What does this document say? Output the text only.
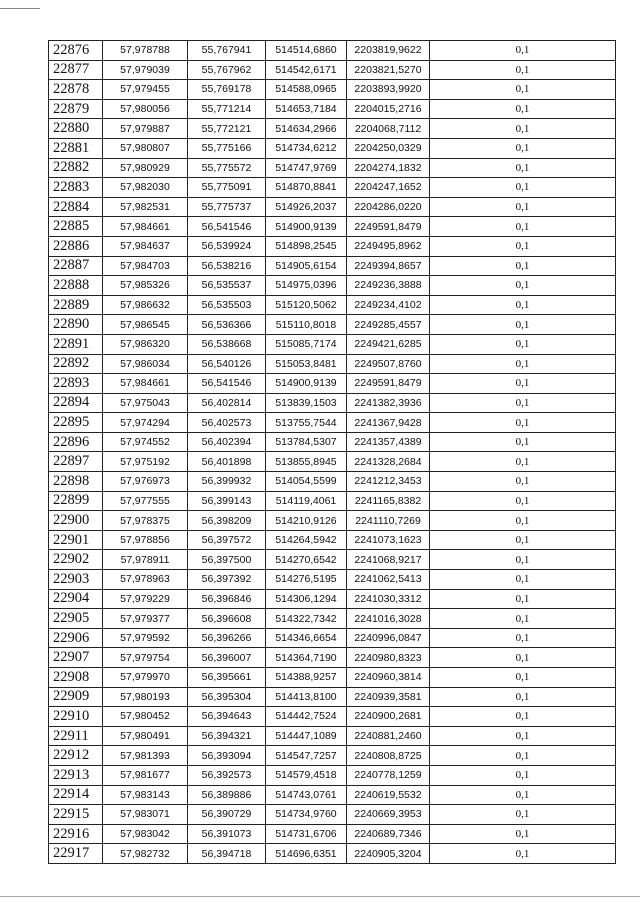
22876	57,978788	55,767941	514514,6860	2203819,9622	0,1
22877	57,979039	55,767962	514542,6171	2203821,5270	0,1
22878	57,979455	55,769178	514588,0965	2203893,9920	0,1
22879	57,980056	55,771214	514653,7184	2204015,2716	0,1
22880	57,979887	55,772121	514634,2966	2204068,7112	0,1
22881	57,980807	55,775166	514734,6212	2204250,0329	0,1
22882	57,980929	55,775572	514747,9769	2204274,1832	0,1
22883	57,982030	55,775091	514870,8841	2204247,1652	0,1
22884	57,982531	55,775737	514926,2037	2204286,0220	0,1
22885	57,984661	56,541546	514900,9139	2249591,8479	0,1
22886	57,984637	56,539924	514898,2545	2249495,8962	0,1
22887	57,984703	56,538216	514905,6154	2249394,8657	0,1
22888	57,985326	56,535537	514975,0396	2249236,3888	0,1
22889	57,986632	56,535503	515120,5062	2249234,4102	0,1
22890	57,986545	56,536366	515110,8018	2249285,4557	0,1
22891	57,986320	56,538668	515085,7174	2249421,6285	0,1
22892	57,986034	56,540126	515053,8481	2249507,8760	0,1
22893	57,984661	56,541546	514900,9139	2249591,8479	0,1
22894	57,975043	56,402814	513839,1503	2241382,3936	0,1
22895	57,974294	56,402573	513755,7544	2241367,9428	0,1
22896	57,974552	56,402394	513784,5307	2241357,4389	0,1
22897	57,975192	56,401898	513855,8945	2241328,2684	0,1
22898	57,976973	56,399932	514054,5599	2241212,3453	0,1
22899	57,977555	56,399143	514119,4061	2241165,8382	0,1
22900	57,978375	56,398209	514210,9126	2241110,7269	0,1
22901	57,978856	56,397572	514264,5942	2241073,1623	0,1
22902	57,978911	56,397500	514270,6542	2241068,9217	0,1
22903	57,978963	56,397392	514276,5195	2241062,5413	0,1
22904	57,979229	56,396846	514306,1294	2241030,3312	0,1
22905	57,979377	56,396608	514322,7342	2241016,3028	0,1
22906	57,979592	56,396266	514346,6654	2240996,0847	0,1
22907	57,979754	56,396007	514364,7190	2240980,8323	0,1
22908	57,979970	56,395661	514388,9257	2240960,3814	0,1
22909	57,980193	56,395304	514413,8100	2240939,3581	0,1
22910	57,980452	56,394643	514442,7524	2240900,2681	0,1
22911	57,980491	56,394321	514447,1089	2240881,2460	0,1
22912	57,981393	56,393094	514547,7257	2240808,8725	0,1
22913	57,981677	56,392573	514579,4518	2240778,1259	0,1
22914	57,983143	56,389886	514743,0761	2240619,5532	0,1
22915	57,983071	56,390729	514734,9760	2240669,3953	0,1
22916	57,983042	56,391073	514731,6706	2240689,7346	0,1
22917	57,982732	56,394718	514696,6351	2240905,3204	0,1
